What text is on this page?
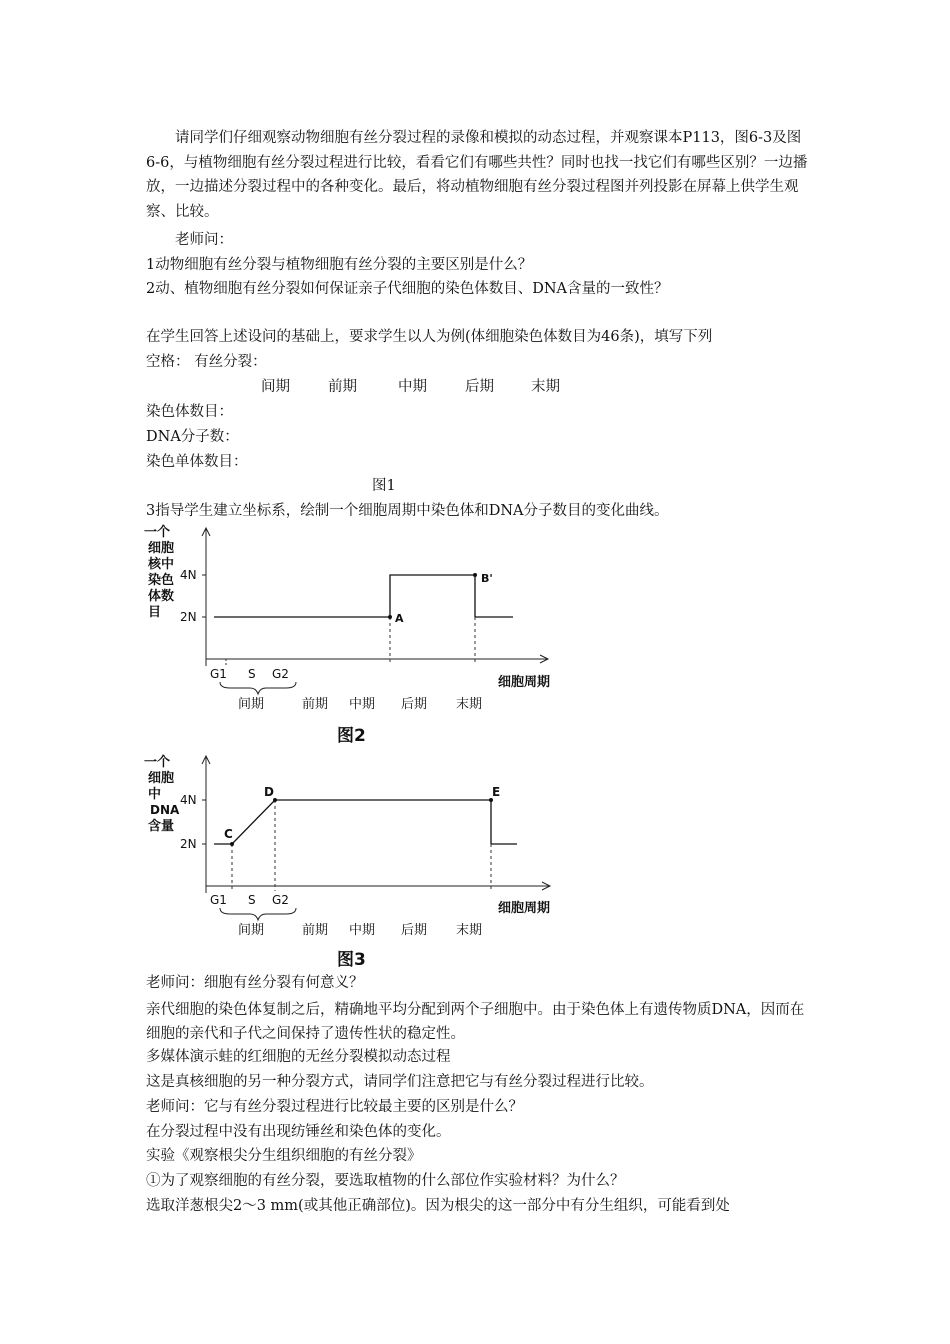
请同学们仔细观察动物细胞有丝分裂过程的录像和模拟的动态过程，并观察课本P113，图6-3及图6-6，与植物细胞有丝分裂过程进行比较，看看它们有哪些共性？同时也找一找它们有哪些区别？一边播放，一边描述分裂过程中的各种变化。最后，将动植物细胞有丝分裂过程图并列投影在屏幕上供学生观察、比较。
老师问：
1动物细胞有丝分裂与植物细胞有丝分裂的主要区别是什么？
2动、植物细胞有丝分裂如何保证亲子代细胞的染色体数目、DNA含量的一致性？
在学生回答上述设问的基础上，要求学生以人为例(体细胞染色体数目为46条)，填写下列
空格： 有丝分裂：
间期	前期	中期	后期	末期
染色体数目：
DNA分子数：
染色单体数目：
图1
3指导学生建立坐标系，绘制一个细胞周期中染色体和DNA分子数目的变化曲线。
一个
细胞
核中
染色
体数
目
4N
2N	A
B'
G1 S G2
间期	前期 中期 后期 末期
细胞周期
图2
一个
细胞
中
DNA
含量
4N
2N
C
D	E
G1 S G2
间期	前期 中期 后期 末期
细胞周期
图3
老师问：细胞有丝分裂有何意义？
亲代细胞的染色体复制之后，精确地平均分配到两个子细胞中。由于染色体上有遗传物质DNA，因而在细胞的亲代和子代之间保持了遗传性状的稳定性。
多媒体演示蛙的红细胞的无丝分裂模拟动态过程
这是真核细胞的另一种分裂方式，请同学们注意把它与有丝分裂过程进行比较。
老师问：它与有丝分裂过程进行比较最主要的区别是什么？
在分裂过程中没有出现纺锤丝和染色体的变化。
实验《观察根尖分生组织细胞的有丝分裂》
①为了观察细胞的有丝分裂，要选取植物的什么部位作实验材料？为什么？
选取洋葱根尖2～3 mm(或其他正确部位)。因为根尖的这一部分中有分生组织，可能看到处
